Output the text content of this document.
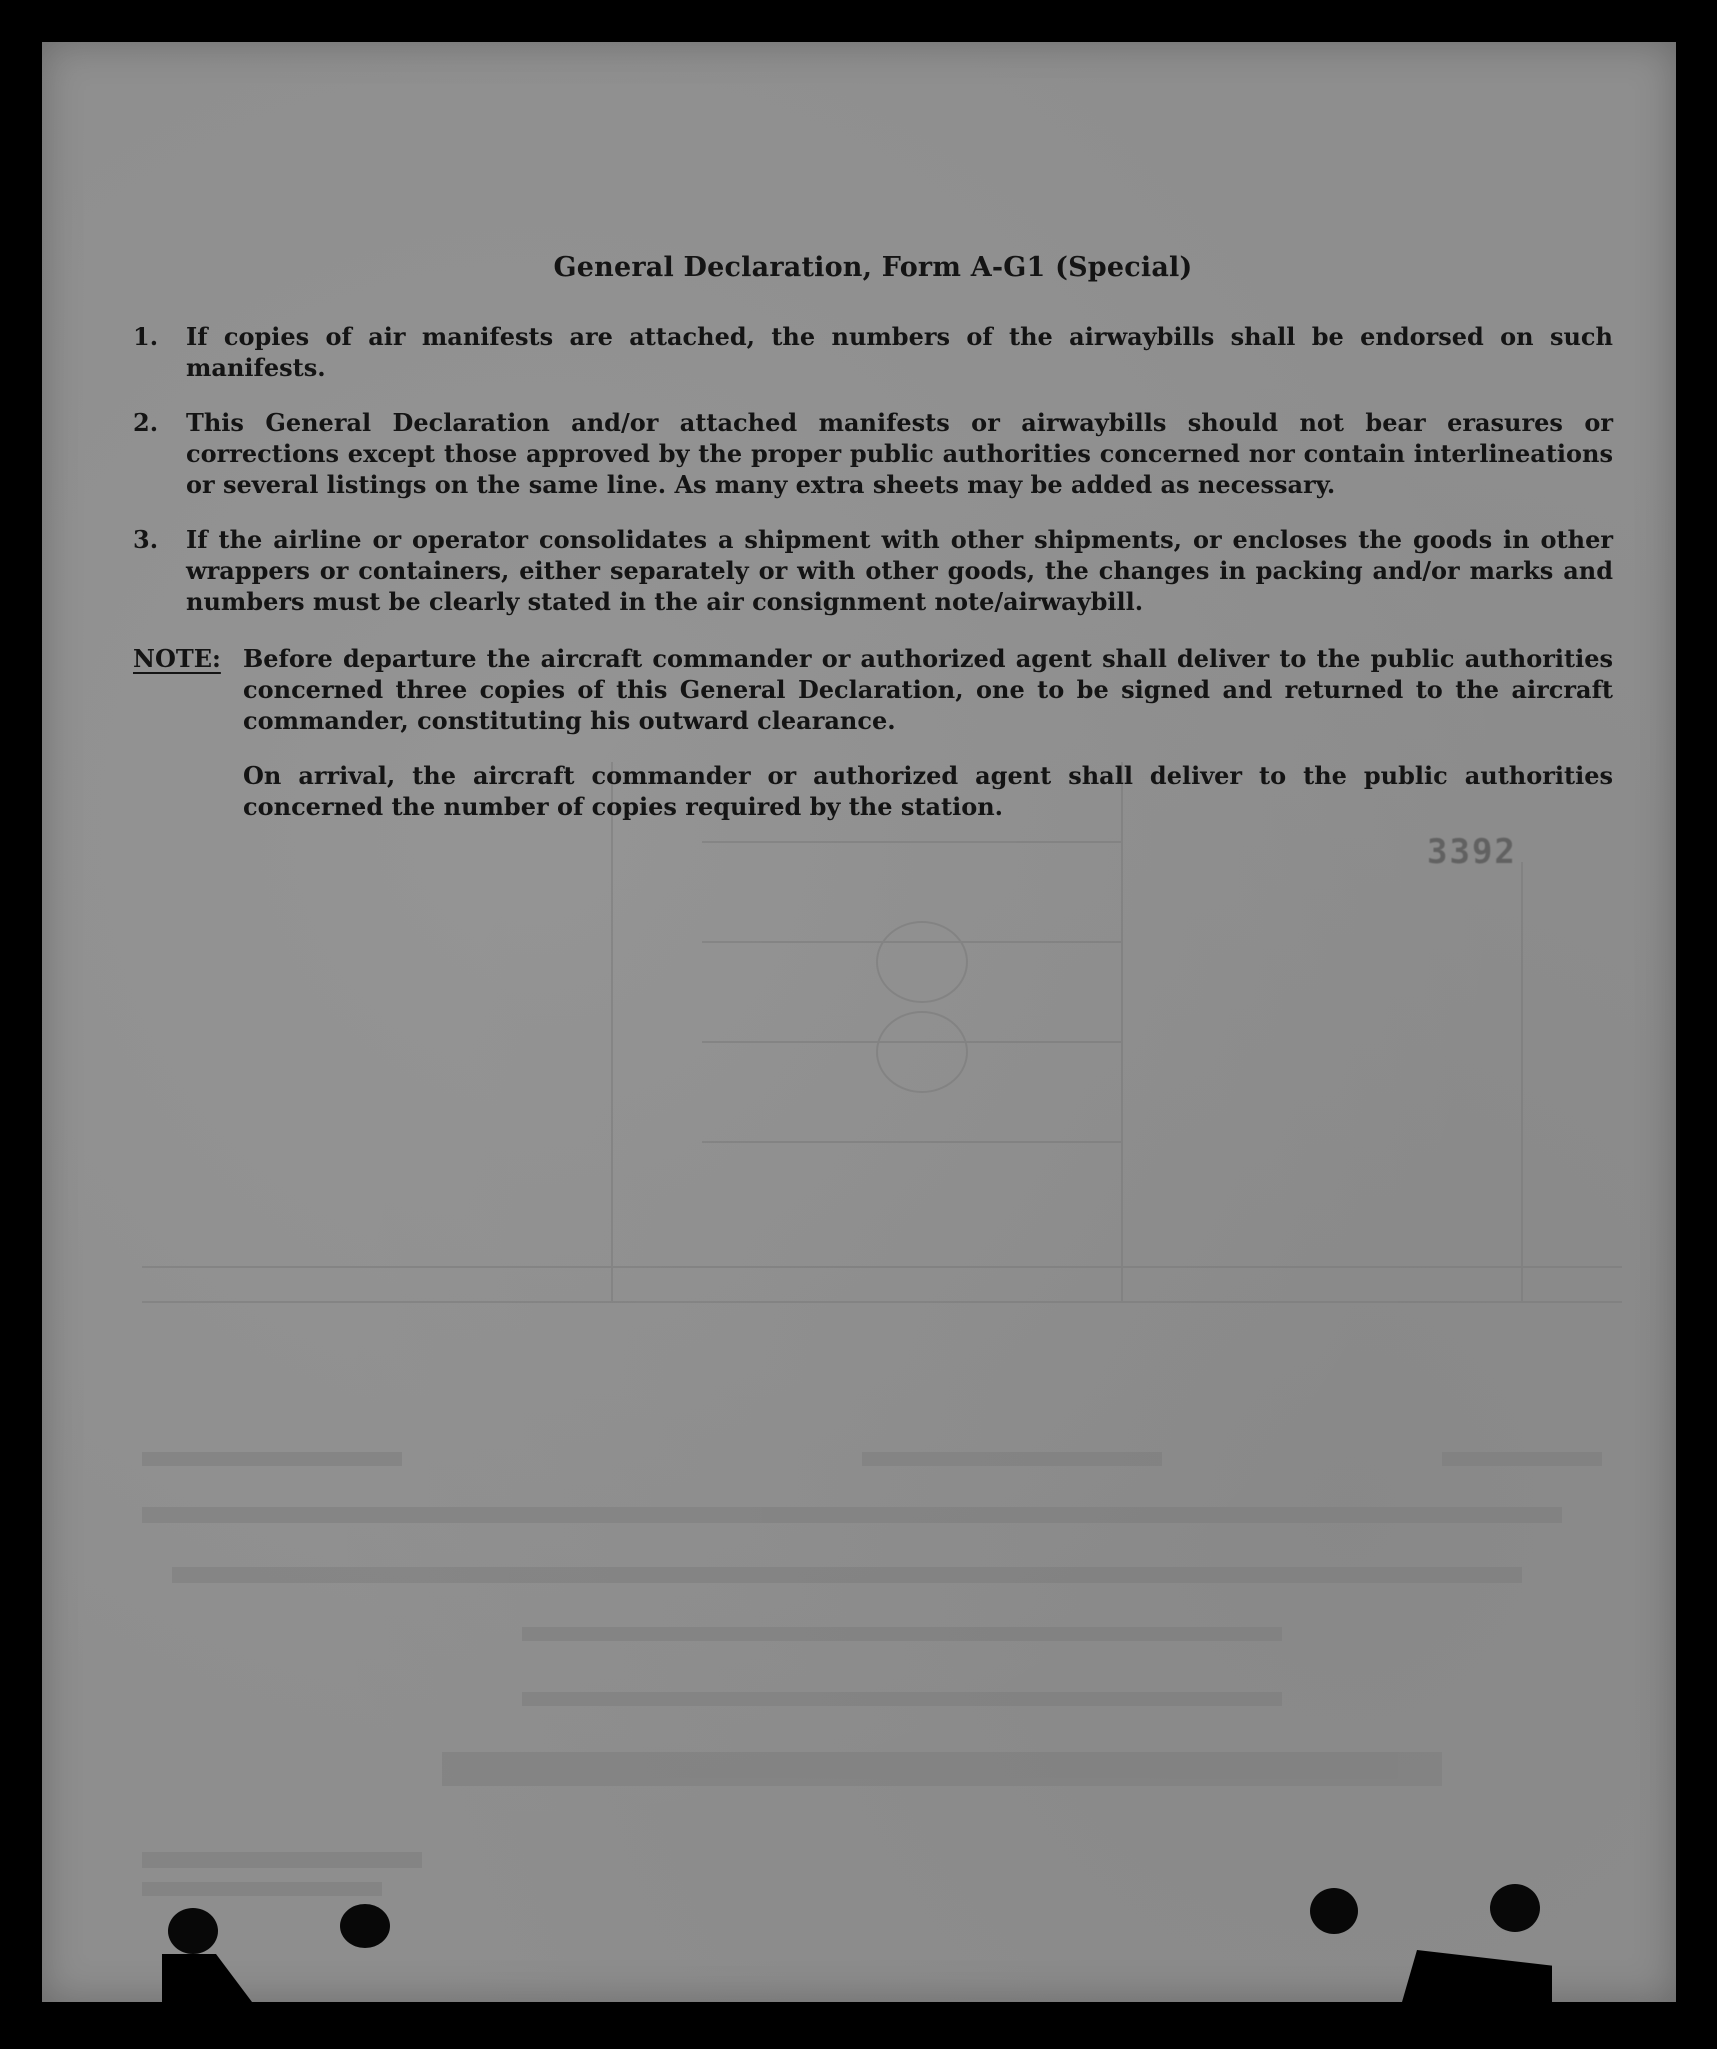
3392
General Declaration, Form A-G1 (Special)
1.	If copies of air manifests are attached, the numbers of the airwaybills shall be endorsed on such manifests.
2.	This General Declaration and/or attached manifests or airwaybills should not bear erasures or corrections except those approved by the proper public authorities concerned nor contain interlineations or several listings on the same line. As many extra sheets may be added as necessary.
3.	If the airline or operator consolidates a shipment with other shipments, or encloses the goods in other wrappers or containers, either separately or with other goods, the changes in packing and/or marks and numbers must be clearly stated in the air consignment note/airwaybill.
NOTE: Before departure the aircraft commander or authorized agent shall deliver to the public authorities concerned three copies of this General Declaration, one to be signed and returned to the aircraft commander, constituting his outward clearance.
On arrival, the aircraft commander or authorized agent shall deliver to the public authorities concerned the number of copies required by the station.
